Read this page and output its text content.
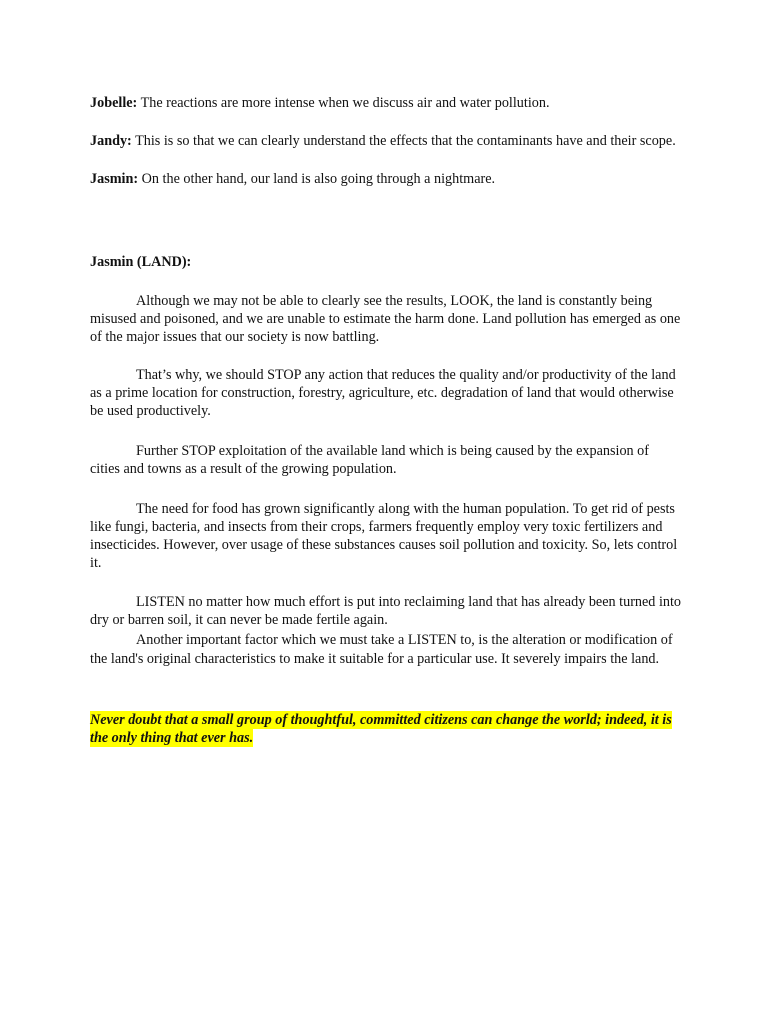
Jobelle: The reactions are more intense when we discuss air and water pollution.

Jandy: This is so that we can clearly understand the effects that the contaminants have and their scope.

Jasmin: On the other hand, our land is also going through a nightmare.

Jasmin (LAND):

Although we may not be able to clearly see the results, LOOK, the land is constantly being misused and poisoned, and we are unable to estimate the harm done. Land pollution has emerged as one of the major issues that our society is now battling.

That’s why, we should STOP any action that reduces the quality and/or productivity of the land as a prime location for construction, forestry, agriculture, etc. degradation of land that would otherwise be used productively.

Further STOP exploitation of the available land which is being caused by the expansion of cities and towns as a result of the growing population.

The need for food has grown significantly along with the human population. To get rid of pests like fungi, bacteria, and insects from their crops, farmers frequently employ very toxic fertilizers and insecticides. However, over usage of these substances causes soil pollution and toxicity. So, lets control it.

LISTEN no matter how much effort is put into reclaiming land that has already been turned into dry or barren soil, it can never be made fertile again.

Another important factor which we must take a LISTEN to, is the alteration or modification of the land's original characteristics to make it suitable for a particular use. It severely impairs the land.

Never doubt that a small group of thoughtful, committed citizens can change the world; indeed, it is the only thing that ever has.
